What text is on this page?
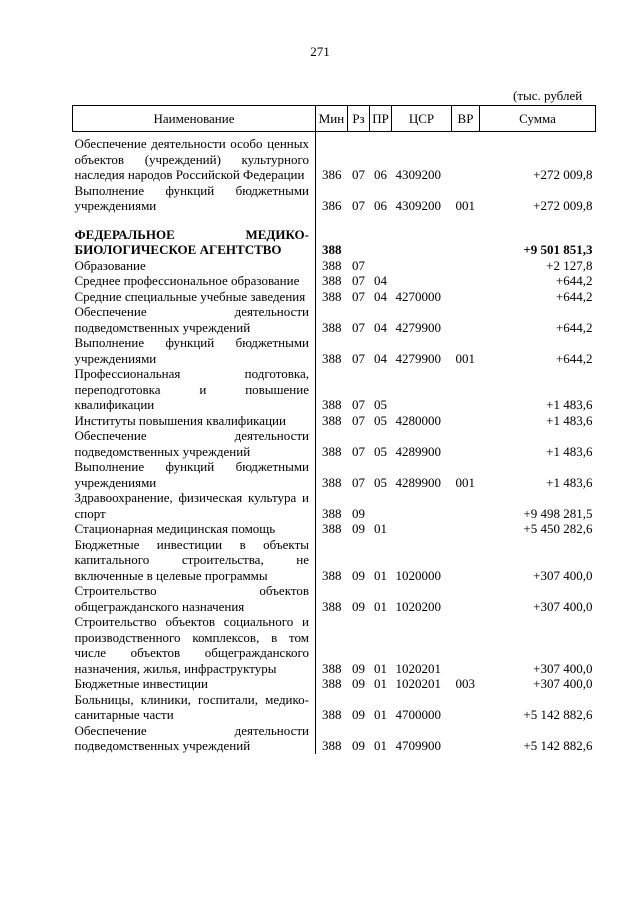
271
(тыс. рублей
Наименование	Мин	Рз	ПР	ЦСР	ВР	Сумма

Обеспечение деятельности особо ценных объектов (учреждений) культурного наследия народов Российской Федерации	386	07	06	4309200		+272 009,8

Выполнение функций бюджетными учреждениями	386	07	06	4309200	001	+272 009,8

ФЕДЕРАЛЬНОЕ МЕДИКО-БИОЛОГИЧЕСКОЕ АГЕНТСТВО	388					+9 501 851,3

Образование	388	07				+2 127,8

Среднее профессиональное образование	388	07	04			+644,2

Средние специальные учебные заведения	388	07	04	4270000		+644,2

Обеспечение деятельности подведомственных учреждений	388	07	04	4279900		+644,2

Выполнение функций бюджетными учреждениями	388	07	04	4279900	001	+644,2

Профессиональная подготовка, переподготовка и повышение квалификации	388	07	05			+1 483,6

Институты повышения квалификации	388	07	05	4280000		+1 483,6

Обеспечение деятельности подведомственных учреждений	388	07	05	4289900		+1 483,6

Выполнение функций бюджетными учреждениями	388	07	05	4289900	001	+1 483,6

Здравоохранение, физическая культура и спорт	388	09				+9 498 281,5

Стационарная медицинская помощь	388	09	01			+5 450 282,6

Бюджетные инвестиции в объекты капитального строительства, не включенные в целевые программы	388	09	01	1020000		+307 400,0

Строительство объектов общегражданского назначения	388	09	01	1020200		+307 400,0

Строительство объектов социального и производственного комплексов, в том числе объектов общегражданского назначения, жилья, инфраструктуры	388	09	01	1020201		+307 400,0

Бюджетные инвестиции	388	09	01	1020201	003	+307 400,0

Больницы, клиники, госпитали, медико-санитарные части	388	09	01	4700000		+5 142 882,6

Обеспечение деятельности подведомственных учреждений	388	09	01	4709900		+5 142 882,6
